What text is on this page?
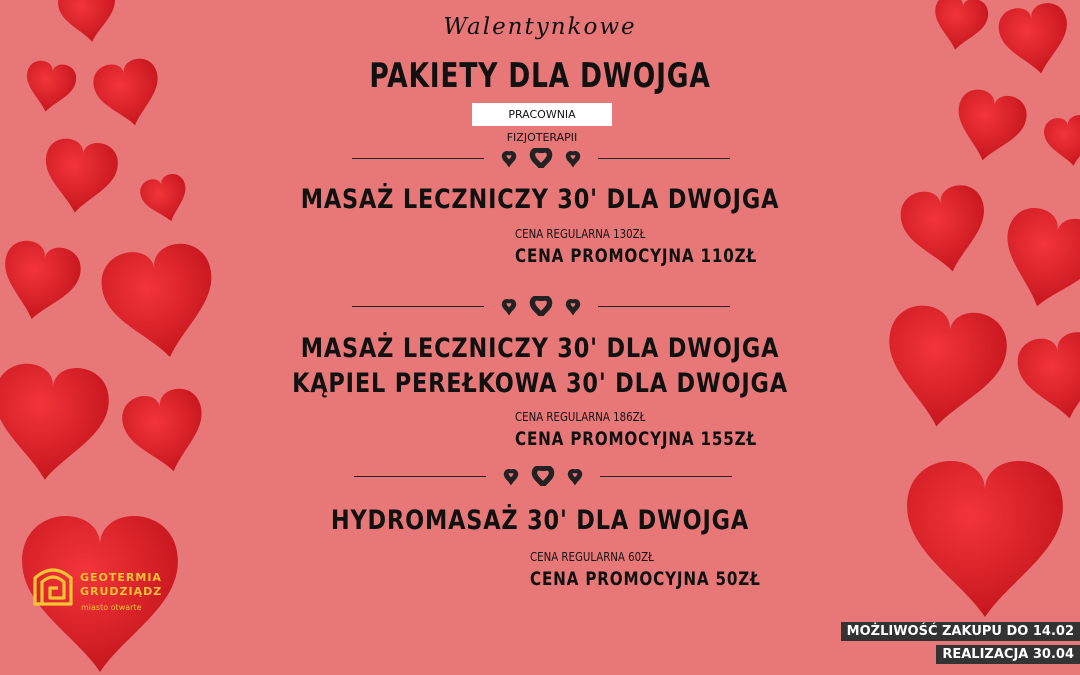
Walentynkowe
PAKIETY DLA DWOJGA
PRACOWNIA FIZJOTERAPII
MASAŻ LECZNICZY 30' DLA DWOJGA
CENA REGULARNA 130ZŁ
CENA PROMOCYJNA 110ZŁ
MASAŻ LECZNICZY 30' DLA DWOJGA
KĄPIEL PEREŁKOWA 30' DLA DWOJGA
CENA REGULARNA 186ZŁ
CENA PROMOCYJNA 155ZŁ
HYDROMASAŻ 30' DLA DWOJGA
CENA REGULARNA 60ZŁ
CENA PROMOCYJNA 50ZŁ
GEOTERMIA
GRUDZIĄDZ
miasto otwarte
MOŻLIWOŚĆ ZAKUPU DO 14.02
REALIZACJA 30.04
